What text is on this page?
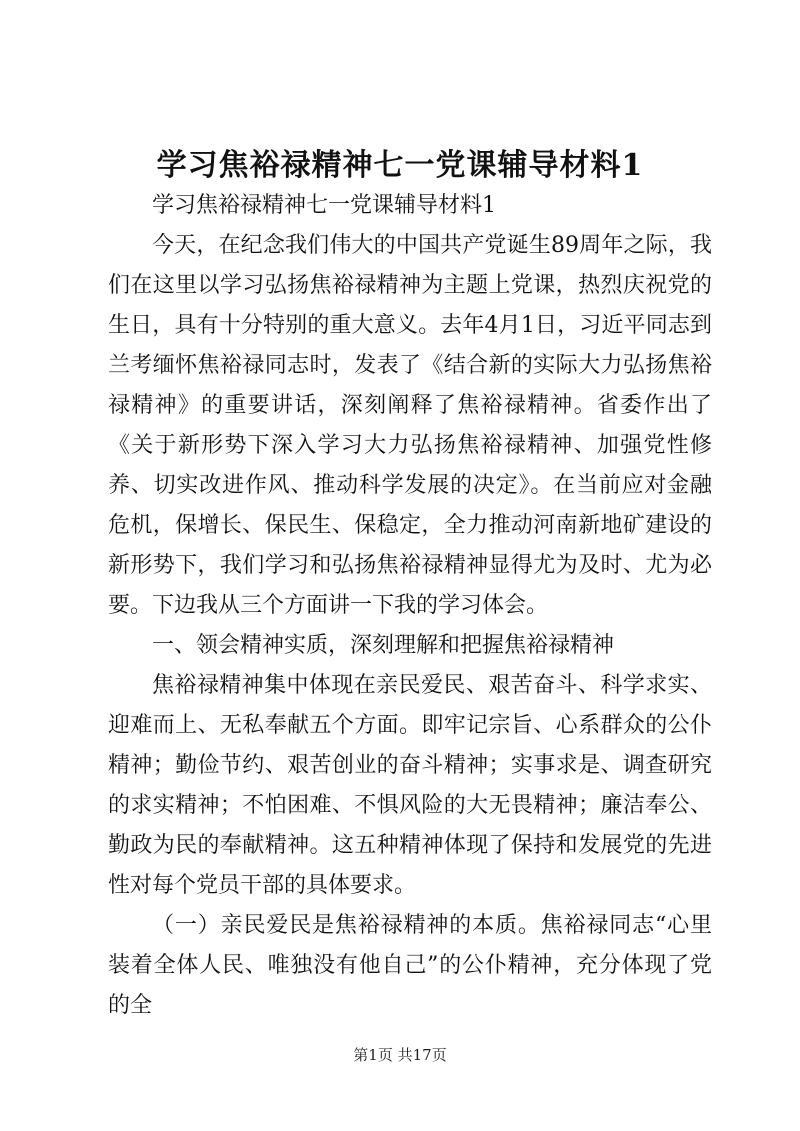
学习焦裕禄精神七一党课辅导材料1

学习焦裕禄精神七一党课辅导材料1

今天，在纪念我们伟大的中国共产党诞生89周年之际，我们在这里以学习弘扬焦裕禄精神为主题上党课，热烈庆祝党的生日，具有十分特别的重大意义。去年4月1日，习近平同志到兰考缅怀焦裕禄同志时，发表了《结合新的实际大力弘扬焦裕禄精神》的重要讲话，深刻阐释了焦裕禄精神。省委作出了《关于新形势下深入学习大力弘扬焦裕禄精神、加强党性修养、切实改进作风、推动科学发展的决定》。在当前应对金融危机，保增长、保民生、保稳定，全力推动河南新地矿建设的新形势下，我们学习和弘扬焦裕禄精神显得尤为及时、尤为必要。下边我从三个方面讲一下我的学习体会。

一、领会精神实质，深刻理解和把握焦裕禄精神

焦裕禄精神集中体现在亲民爱民、艰苦奋斗、科学求实、迎难而上、无私奉献五个方面。即牢记宗旨、心系群众的公仆精神；勤俭节约、艰苦创业的奋斗精神；实事求是、调查研究的求实精神；不怕困难、不惧风险的大无畏精神；廉洁奉公、勤政为民的奉献精神。这五种精神体现了保持和发展党的先进性对每个党员干部的具体要求。

（一）亲民爱民是焦裕禄精神的本质。焦裕禄同志“心里装着全体人民、唯独没有他自己”的公仆精神，充分体现了党的全

第1页 共17页
